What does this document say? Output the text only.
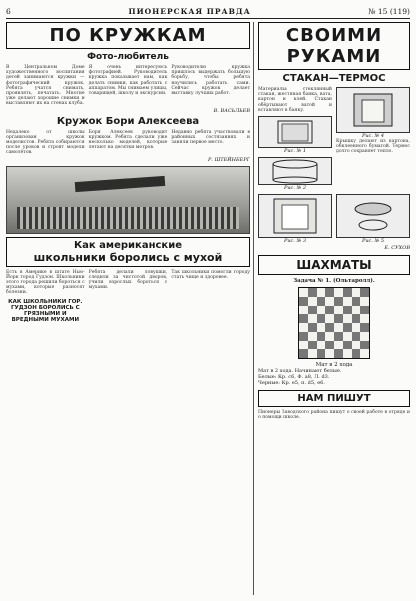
6	ПИОНЕРСКАЯ ПРАВДА	№ 15 (119)
ПО КРУЖКАМ
Фото-любитель
В Центральном Доме художественного воспитания детей занимаются кружки — фотографический кружок. Ребята учатся снимать, проявлять, печатать. Многие уже делают хорошие снимки и выставляют их на стенах клуба.
Я очень интересуюсь фотографией. Руководитель кружка показывает нам, как делать снимки, как работать с аппаратом. Мы снимаем улицы, товарищей, школу и экскурсии.
Руководителю кружка пришлось выдержать большую борьбу, чтобы ребята научились работать сами. Сейчас кружок делает выставку лучших работ.
В. ВАСЬЛЬЕВ
Кружок Бори Алексеева
Недалеко от школы организован кружок моделистов. Ребята собираются после уроков и строят модели самолётов.
Боря Алексеев руководит кружком. Ребята сделали уже несколько моделей, которые летают на десятки метров.
Недавно ребята участвовали в районных состязаниях и заняли первое место.
Р. ШТЕЙНБЕРГ
Как американские
школьники боролись с мухой
Есть в Америке в штате Нью-Йорк город Гудзон. Школьники этого города решили бороться с мухами, которые разносят болезни.
КАК ШКОЛЬНИКИ ГОР. ГУДЗОН БОРОЛИСЬ С ГРЯЗНЫМИ И ВРЕДНЫМИ МУХАМИ
Ребята делали ловушки, следили за чистотой дворов, учили взрослых бороться с мухами.
Так школьники помогли городу стать чище и здоровее.
СВОИМИ РУКАМИ
СТАКАН—ТЕРМОС
Материалы: стеклянный стакан, жестяная банка, вата, картон и клей. Стакан обёртывают ватой и вставляют в банку.
Рис. № 1
Рис. № 2
Рис. № 4
Крышку делают из картона, обклеенного бумагой. Термос долго сохраняет тепло.
Рис. № 3	Рис. № 5
Е. СУХОВ
ШАХМАТЫ
Задача № 1. (Ольтаролл).
Мат в 2 хода
Мат в 2 хода. Начинают белые.
Белые: Кр. с6, Ф. а8, Л. d3.
Черные: Кр. е5, п. d5, е6.
НАМ ПИШУТ
Пионеры Заводского района пишут о своей работе в отряде и о помощи школе.
